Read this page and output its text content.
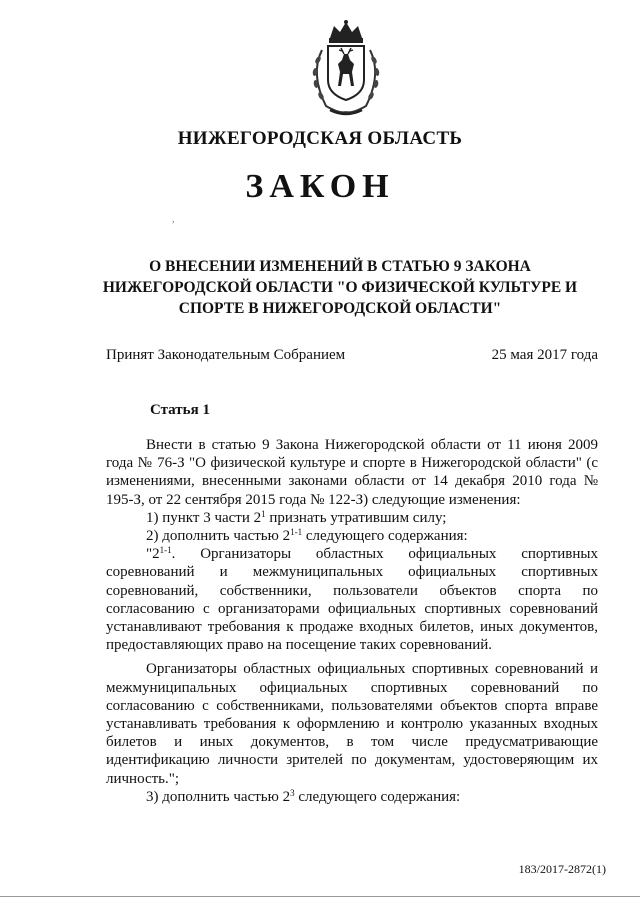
НИЖЕГОРОДСКАЯ ОБЛАСТЬ
ЗАКОН
,
О ВНЕСЕНИИ ИЗМЕНЕНИЙ В СТАТЬЮ 9 ЗАКОНА
НИЖЕГОРОДСКОЙ ОБЛАСТИ "О ФИЗИЧЕСКОЙ КУЛЬТУРЕ И
СПОРТЕ В НИЖЕГОРОДСКОЙ ОБЛАСТИ"
Принят Законодательным Собранием	25 мая 2017 года
Статья 1

Внести в статью 9 Закона Нижегородской области от 11 июня 2009 года № 76-З "О физической культуре и спорте в Нижегородской области" (с изменениями, внесенными законами области от 14 декабря 2010 года № 195-З, от 22 сентября 2015 года № 122-З) следующие изменения:

1) пункт 3 части $2^1$ признать утратившим силу;

2) дополнить частью 2$^{1-1}$ следующего содержания:

"2$^{1-1}$. Организаторы областных официальных спортивных соревнований и межмуниципальных официальных спортивных соревнований, собственники, пользователи объектов спорта по согласованию с организаторами официальных спортивных соревнований устанавливают требования к продаже входных билетов, иных документов, предоставляющих право на посещение таких соревнований.

Организаторы областных официальных спортивных соревнований и межмуниципальных официальных спортивных соревнований по согласованию с собственниками, пользователями объектов спорта вправе устанавливать требования к оформлению и контролю указанных входных билетов и иных документов, в том числе предусматривающие идентификацию личности зрителей по документам, удостоверяющим их личность.";

3) дополнить частью $2^3$ следующего содержания:

183/2017-2872(1)
